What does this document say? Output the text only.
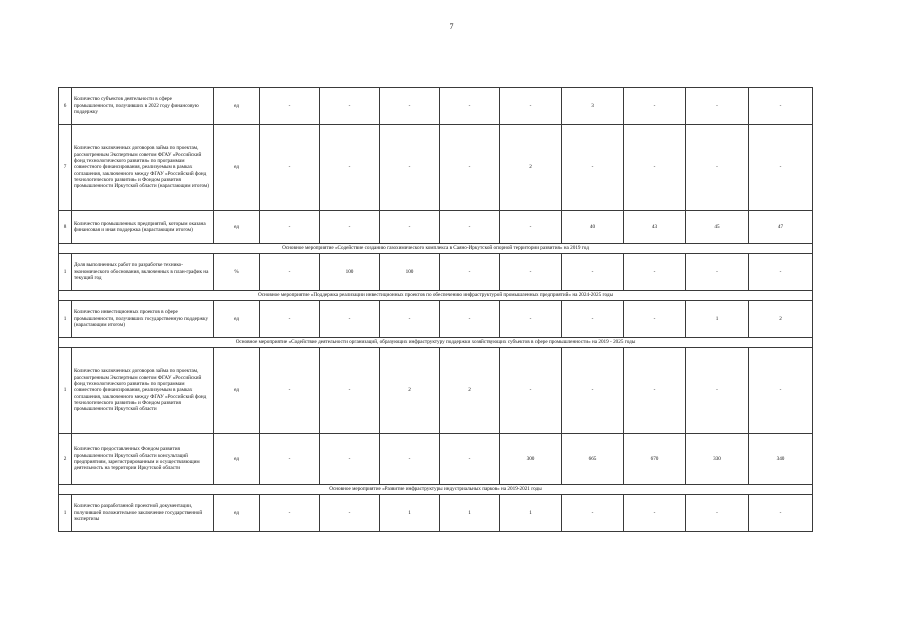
7
6	Количество субъектов деятельности в сфере промышленности, получивших в 2022 году финансовую поддержку	ед	-	-	-	-	-	3	-	-	-
7	Количество заключенных договоров займа по проектам, рассмотренным Экспертным советом ФГАУ «Российский фонд технологического развития» по программам совместного финансирования, реализуемым в рамках соглашения, заключенного между ФГАУ «Российский фонд технологического развития» и Фондом развития промышленности Иркутской области (нарастающим итогом)	ед	-	-	-	-	2	-	-	-	-
8	Количество промышленных предприятий, которым оказана финансовая и иная поддержка (нарастающим итогом)	ед	-	-	-	-	-	40	43	45	47
Основное мероприятие «Содействие созданию газохимического комплекса в Саяно-Иркутской опорной территории развития» на 2019 год											
1	Доля выполненных работ по разработке технико-экономического обоснования, включенных в план-график на текущий год	%	-	100	100	-	-	-	-	-	-
Основное мероприятие «Поддержка реализации инвестиционных проектов по обеспечению инфраструктурой промышленных предприятий» на 2024-2025 годы											
1	Количество инвестиционных проектов в сфере промышленности, получивших государственную поддержку (нарастающим итогом)	ед	-	-	-	-	-	-	-	1	2
Основное мероприятие «Содействие деятельности организаций, образующих инфраструктуру поддержки хозяйствующих субъектов в сфере промышленности» на 2019 - 2025 годы											
1	Количество заключенных договоров займа по проектам, рассмотренным Экспертным советом ФГАУ «Российский фонд технологического развития» по программам совместного финансирования, реализуемым в рамках соглашения, заключенного между ФГАУ «Российский фонд технологического развития» и Фондом развития промышленности Иркутской области	ед	-	-	2	2	-	-	-	-	-
2	Количество предоставленных Фондом развития промышленности Иркутской области консультаций предприятиям, зарегистрированным и осуществляющим деятельность на территории Иркутской области	ед	-	-	-	-	300	665	670	330	340
Основное мероприятие «Развитие инфраструктуры индустриальных парков» на 2019-2021 годы											
1	Количество разработанной проектной документации, получившей положительное заключение государственной экспертизы	ед	-	-	1	1	1	-	-	-	-
